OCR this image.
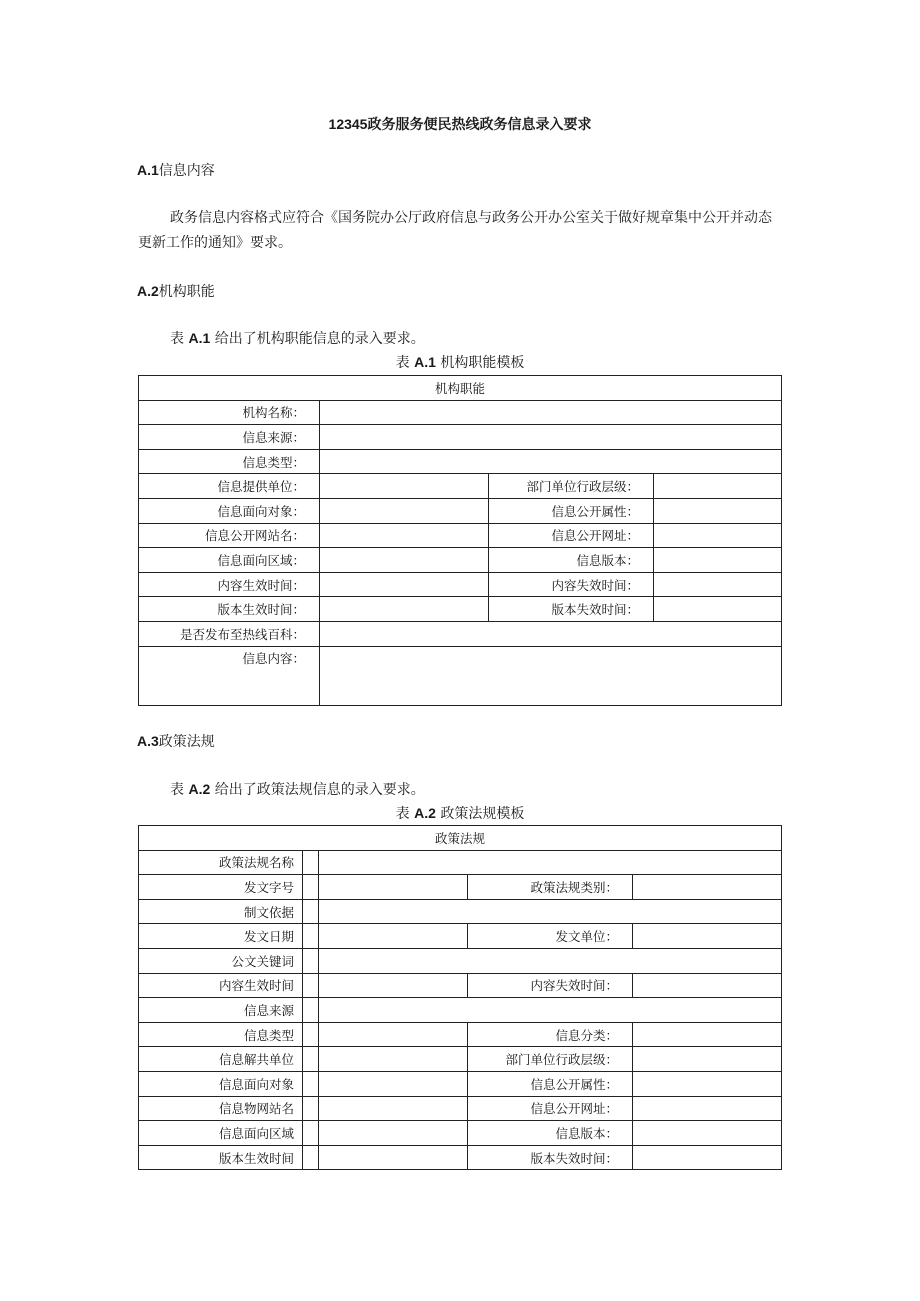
12345政务服务便民热线政务信息录入要求
A.1信息内容

政务信息内容格式应符合《国务院办公厅政府信息与政务公开办公室关于做好规章集中公开并动态更新工作的通知》要求。

A.2机构职能
表 A.1 给出了机构职能信息的录入要求。
表 A.1 机构职能模板
机构职能			
机构名称：			
信息来源：			
信息类型：			
信息提供单位：		部门单位行政层级：	
信息面向对象：		信息公开属性：	
信息公开网站名：		信息公开网址：	
信息面向区域：		信息版本：	
内容生效时间：		内容失效时间：	
版本生效时间：		版本失效时间：	
是否发布至热线百科：			
信息内容：			
A.3政策法规
表 A.2 给出了政策法规信息的录入要求。
表 A.2 政策法规模板
政策法规				
政策法规名称				
发文字号			政策法规类别：	
制文依据				
发文日期			发文单位：	
公文关键词				
内容生效时间			内容失效时间：	
信息来源				
信息类型			信息分类：	
信息解共单位			部门单位行政层级：	
信息面向对象			信息公开属性：	
信息物网站名			信息公开网址：	
信息面向区域			信息版本：	
版本生效时间			版本失效时间：	
